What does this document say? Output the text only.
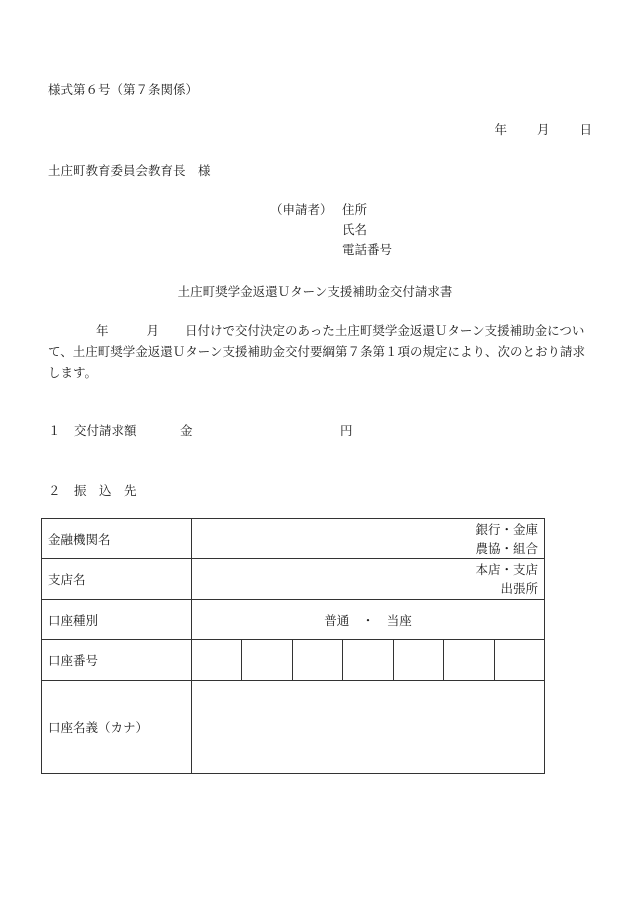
様式第６号（第７条関係）
年 月 日
土庄町教育委員会教育長　様
（申請者） 住所
氏名
電話番号
土庄町奨学金返還Ｕターン支援補助金交付請求書
年	月 日付けで交付決定のあった土庄町奨学金返還Ｕターン支援補助金について、土庄町奨学金返還Ｕターン支援補助金交付要綱第７条第１項の規定により、次のとおり請求します。
１ 交付請求額	金	円
２ 振　込　先
金融機関名	銀行・金庫
農協・組合						

支店名	本店・支店
出張所						

口座種別	普通　・　当座						
口座番号							
口座名義（カナ）							
